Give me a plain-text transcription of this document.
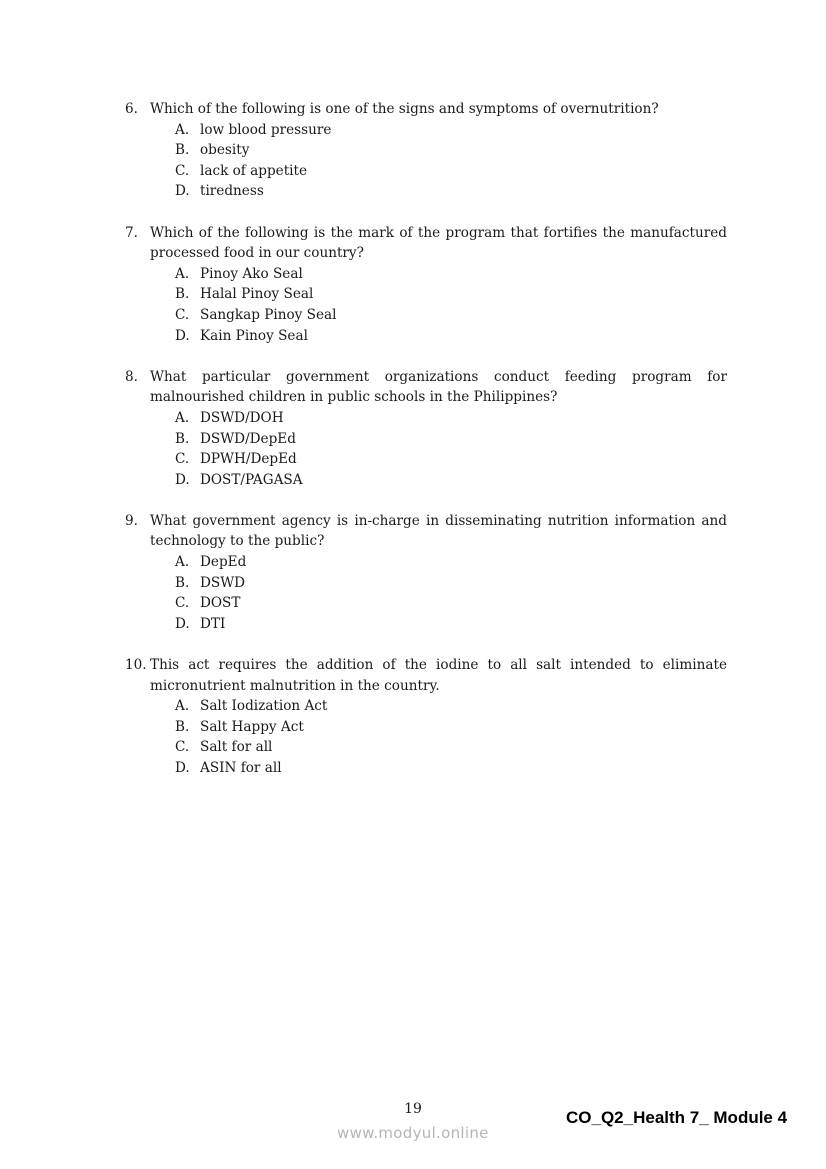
6. Which of the following is one of the signs and symptoms of overnutrition?
A. low blood pressure
B. obesity
C. lack of appetite
D. tiredness
7. Which of the following is the mark of the program that fortifies the manufactured processed food in our country?
A. Pinoy Ako Seal
B. Halal Pinoy Seal
C. Sangkap Pinoy Seal
D. Kain Pinoy Seal
8. What particular government organizations conduct feeding program for malnourished children in public schools in the Philippines?
A. DSWD/DOH
B. DSWD/DepEd
C. DPWH/DepEd
D. DOST/PAGASA
9. What government agency is in-charge in disseminating nutrition information and technology to the public?
A. DepEd
B. DSWD
C. DOST
D. DTI
10. This act requires the addition of the iodine to all salt intended to eliminate micronutrient malnutrition in the country.
A. Salt Iodization Act
B. Salt Happy Act
C. Salt for all
D. ASIN for all
19
www.modyul.online
CO_Q2_Health 7_ Module 4
